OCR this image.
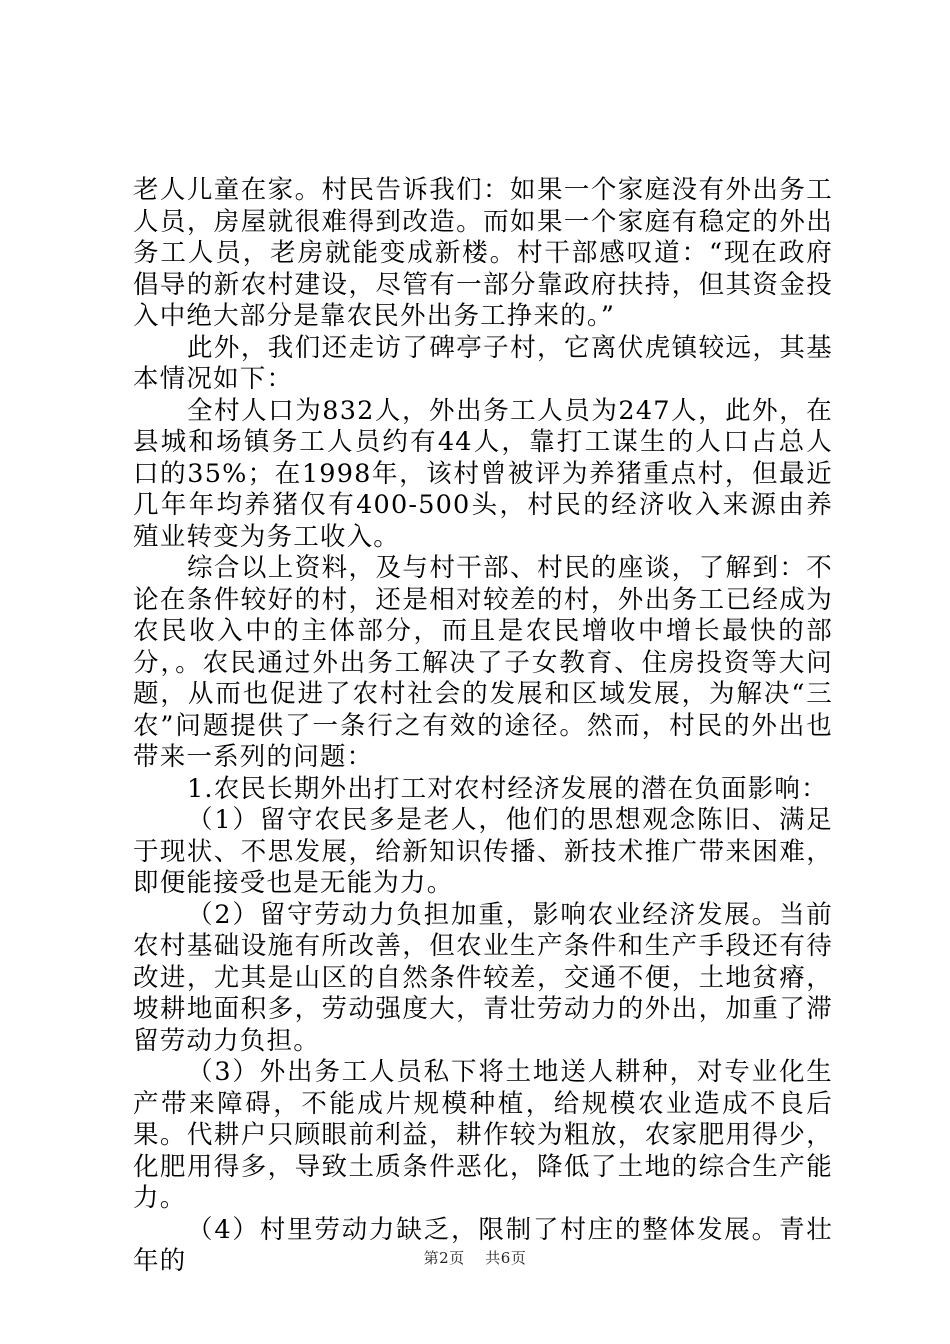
老人儿童在家。村民告诉我们：如果一个家庭没有外出务工人员，房屋就很难得到改造。而如果一个家庭有稳定的外出务工人员，老房就能变成新楼。村干部感叹道：“现在政府倡导的新农村建设，尽管有一部分靠政府扶持，但其资金投入中绝大部分是靠农民外出务工挣来的。”

此外，我们还走访了碑亭子村，它离伏虎镇较远，其基本情况如下：

全村人口为832人，外出务工人员为247人，此外，在县城和场镇务工人员约有44人，靠打工谋生的人口占总人口的35%；在1998年，该村曾被评为养猪重点村，但最近几年年均养猪仅有400-500头，村民的经济收入来源由养殖业转变为务工收入。

综合以上资料，及与村干部、村民的座谈，了解到：不论在条件较好的村，还是相对较差的村，外出务工已经成为农民收入中的主体部分，而且是农民增收中增长最快的部分，。农民通过外出务工解决了子女教育、住房投资等大问题，从而也促进了农村社会的发展和区域发展，为解决“三农”问题提供了一条行之有效的途径。然而，村民的外出也带来一系列的问题：

1.农民长期外出打工对农村经济发展的潜在负面影响：

（1）留守农民多是老人，他们的思想观念陈旧、满足于现状、不思发展，给新知识传播、新技术推广带来困难，即便能接受也是无能为力。

（2）留守劳动力负担加重，影响农业经济发展。当前农村基础设施有所改善，但农业生产条件和生产手段还有待改进，尤其是山区的自然条件较差，交通不便，土地贫瘠，坡耕地面积多，劳动强度大，青壮劳动力的外出，加重了滞留劳动力负担。

（3）外出务工人员私下将土地送人耕种，对专业化生产带来障碍，不能成片规模种植，给规模农业造成不良后果。代耕户只顾眼前利益，耕作较为粗放，农家肥用得少，化肥用得多，导致土质条件恶化，降低了土地的综合生产能力。

（4）村里劳动力缺乏，限制了村庄的整体发展。青壮年的	第2页 共6页
